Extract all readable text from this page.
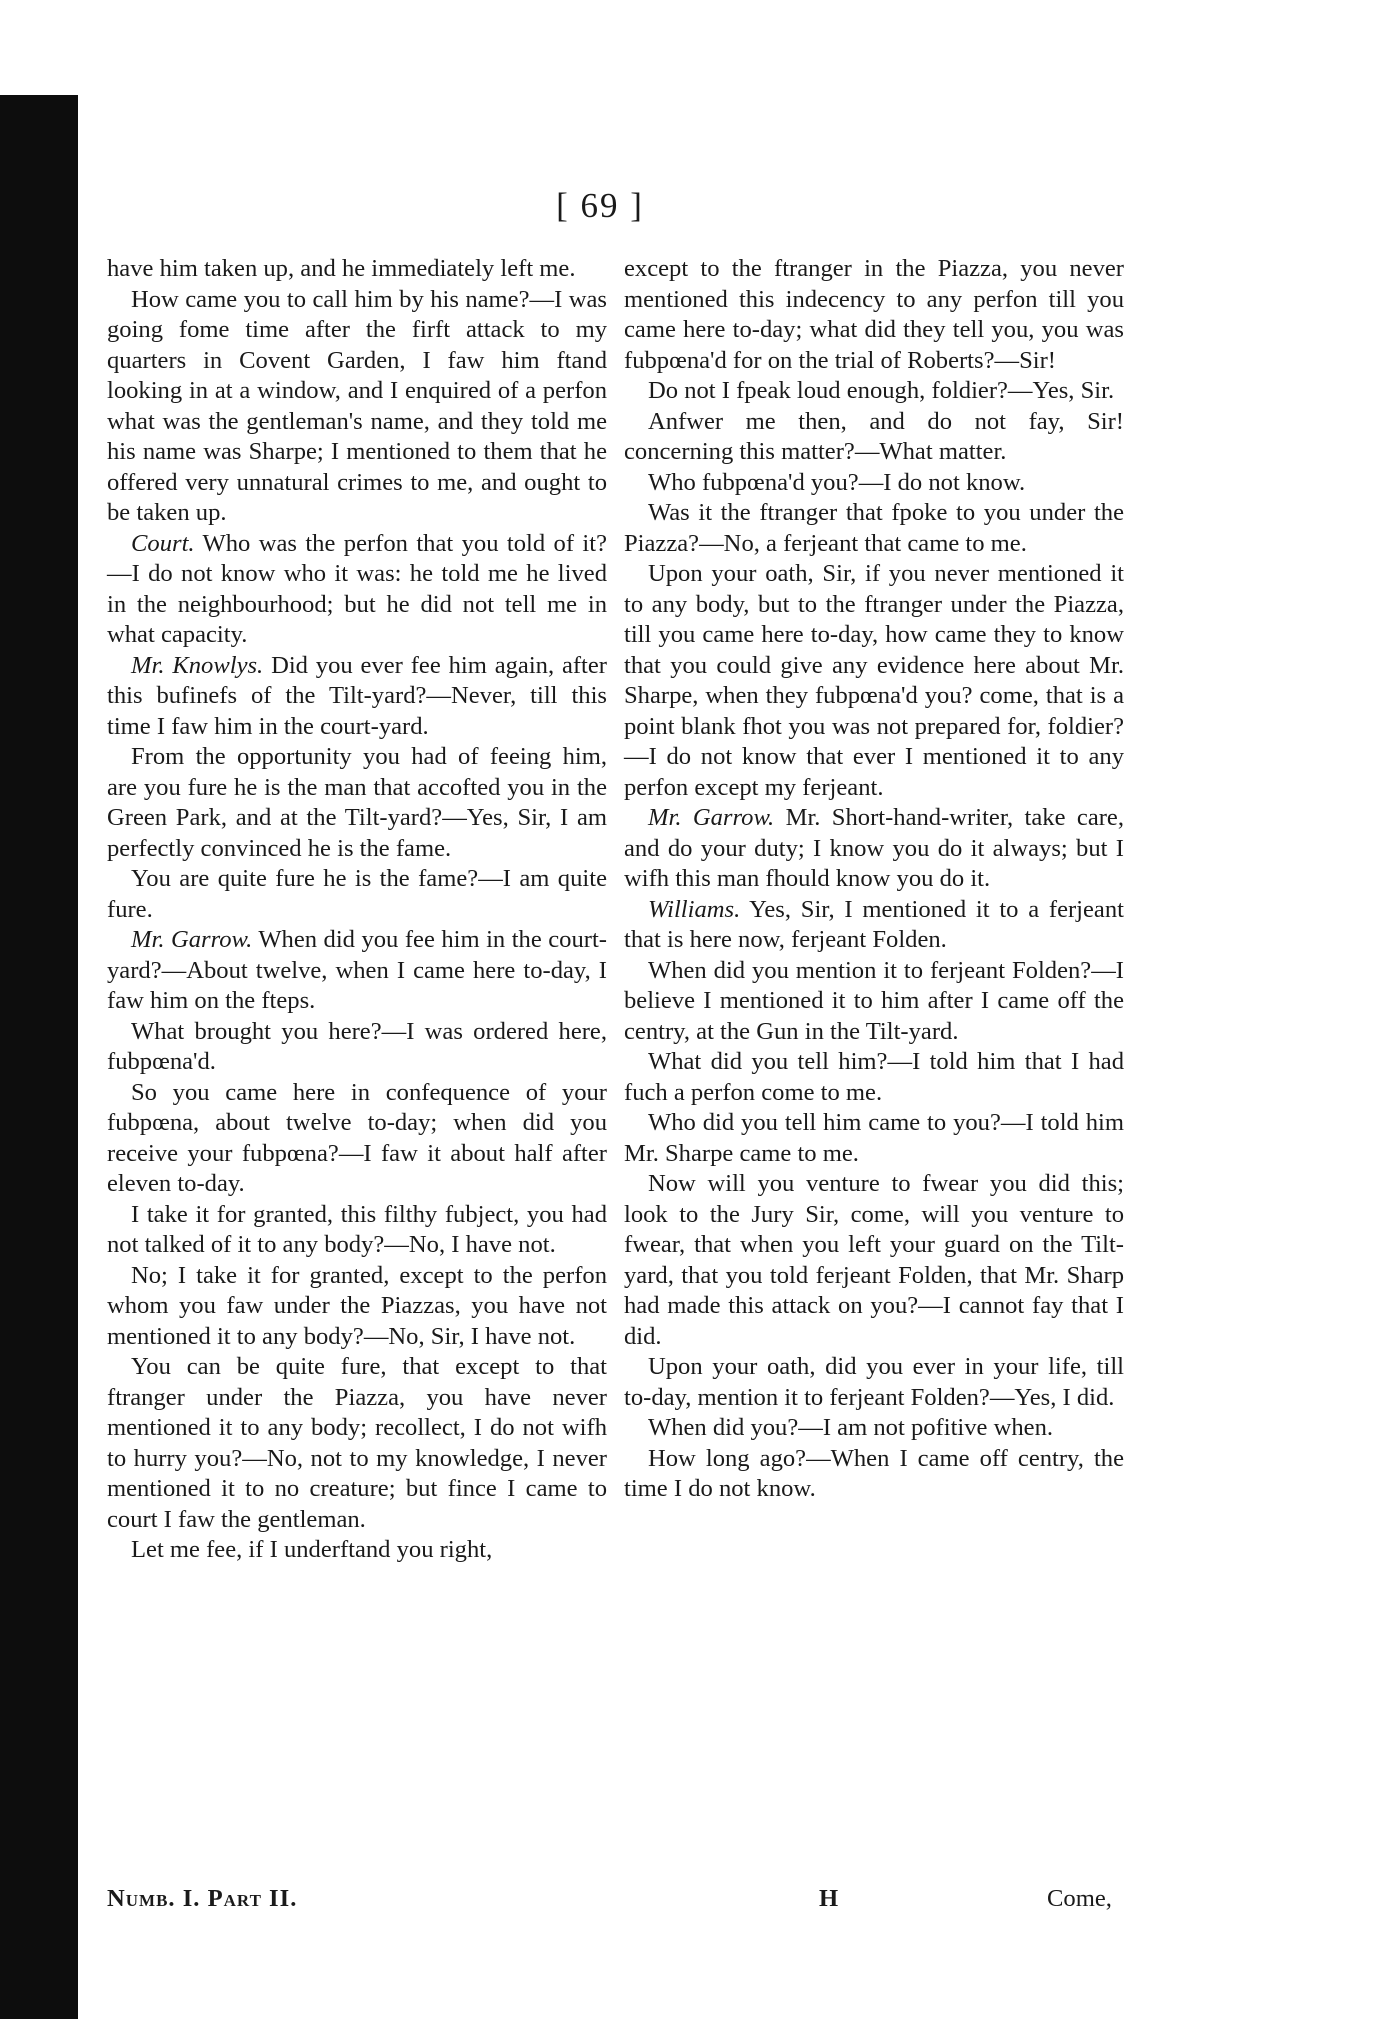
[ 69 ]

have him taken up, and he immediately left me.

How came you to call him by his name?—I was going fome time after the firft attack to my quarters in Covent Garden, I faw him ftand looking in at a window, and I enquired of a perfon what was the gentleman's name, and they told me his name was Sharpe; I mentioned to them that he offered very unnatural crimes to me, and ought to be taken up.

Court. Who was the perfon that you told of it?—I do not know who it was: he told me he lived in the neighbourhood; but he did not tell me in what capacity.

Mr. Knowlys. Did you ever fee him again, after this bufinefs of the Tilt-yard?—Never, till this time I faw him in the court-yard.

From the opportunity you had of feeing him, are you fure he is the man that accofted you in the Green Park, and at the Tilt-yard?—Yes, Sir, I am perfectly convinced he is the fame.

You are quite fure he is the fame?—I am quite fure.

Mr. Garrow. When did you fee him in the court-yard?—About twelve, when I came here to-day, I faw him on the fteps.

What brought you here?—I was ordered here, fubpœna'd.

So you came here in confequence of your fubpœna, about twelve to-day; when did you receive your fubpœna?—I faw it about half after eleven to-day.

I take it for granted, this filthy fubject, you had not talked of it to any body?—No, I have not.

No; I take it for granted, except to the perfon whom you faw under the Piazzas, you have not mentioned it to any body?—No, Sir, I have not.

You can be quite fure, that except to that ftranger under the Piazza, you have never mentioned it to any body; recollect, I do not wifh to hurry you?—No, not to my knowledge, I never mentioned it to no creature; but fince I came to court I faw the gentleman.

Let me fee, if I underftand you right,

except to the ftranger in the Piazza, you never mentioned this indecency to any perfon till you came here to-day; what did they tell you, you was fubpœna'd for on the trial of Roberts?—Sir!

Do not I fpeak loud enough, foldier?—Yes, Sir.

Anfwer me then, and do not fay, Sir! concerning this matter?—What matter.

Who fubpœna'd you?—I do not know.

Was it the ftranger that fpoke to you under the Piazza?—No, a ferjeant that came to me.

Upon your oath, Sir, if you never mentioned it to any body, but to the ftranger under the Piazza, till you came here to-day, how came they to know that you could give any evidence here about Mr. Sharpe, when they fubpœna'd you? come, that is a point blank fhot you was not prepared for, foldier?—I do not know that ever I mentioned it to any perfon except my ferjeant.

Mr. Garrow. Mr. Short-hand-writer, take care, and do your duty; I know you do it always; but I wifh this man fhould know you do it.

Williams. Yes, Sir, I mentioned it to a ferjeant that is here now, ferjeant Folden.

When did you mention it to ferjeant Folden?—I believe I mentioned it to him after I came off the centry, at the Gun in the Tilt-yard.

What did you tell him?—I told him that I had fuch a perfon come to me.

Who did you tell him came to you?—I told him Mr. Sharpe came to me.

Now will you venture to fwear you did this; look to the Jury Sir, come, will you venture to fwear, that when you left your guard on the Tilt-yard, that you told ferjeant Folden, that Mr. Sharp had made this attack on you?—I cannot fay that I did.

Upon your oath, did you ever in your life, till to-day, mention it to ferjeant Folden?—Yes, I did.

When did you?—I am not pofitive when.

How long ago?—When I came off centry, the time I do not know.

Numb. I. Part II.	H	Come,
